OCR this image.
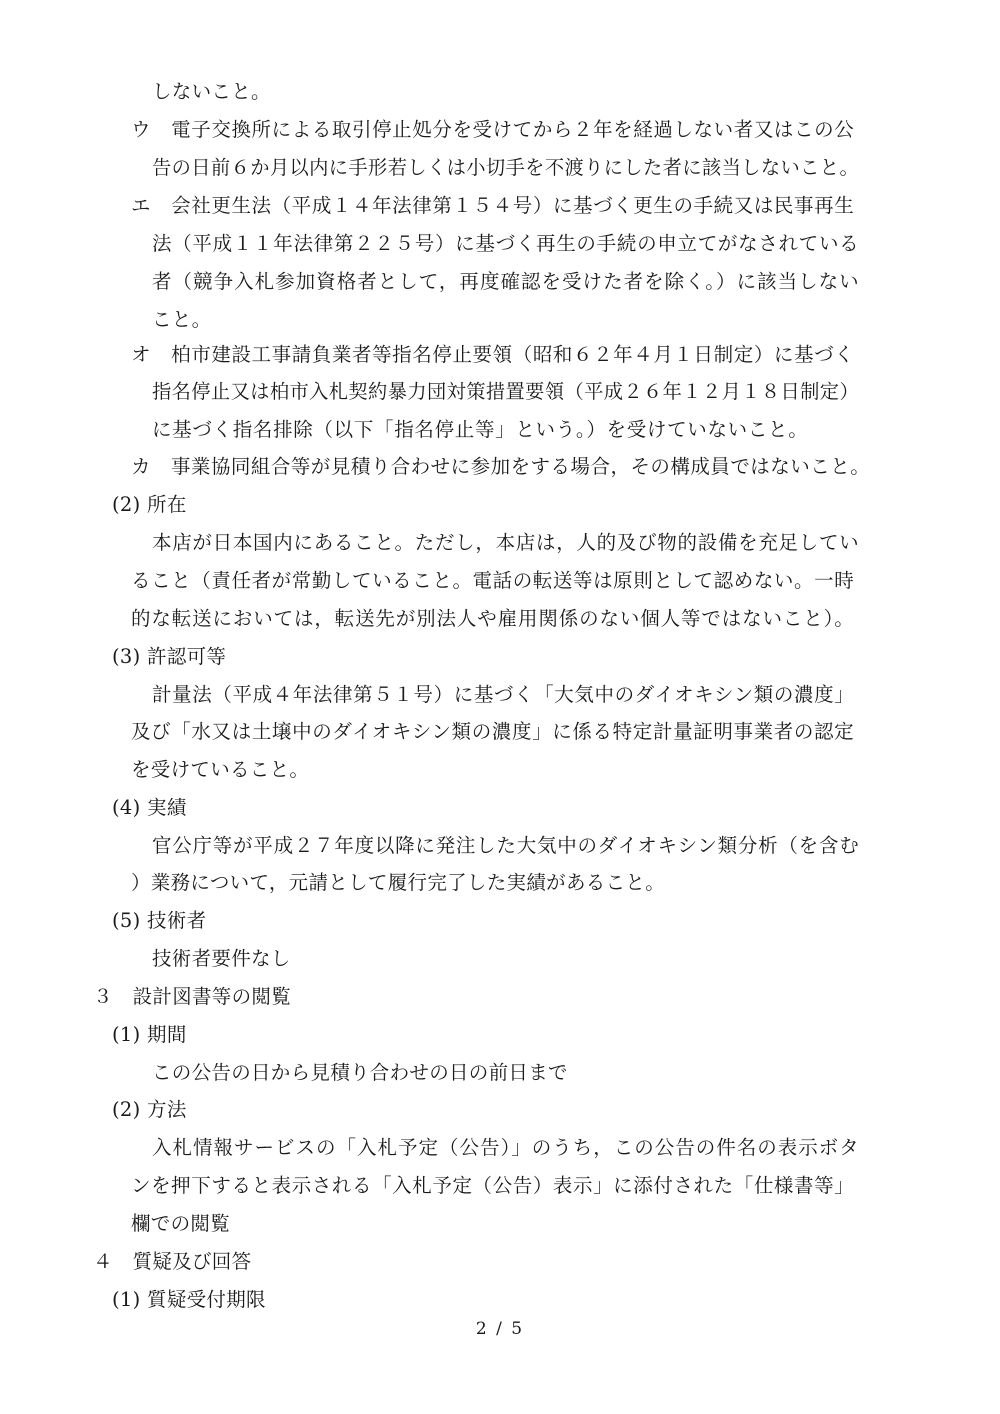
しないこと。
ウ　電子交換所による取引停止処分を受けてから２年を経過しない者又はこの公
告の日前６か月以内に手形若しくは小切手を不渡りにした者に該当しないこと。
エ　会社更生法（平成１４年法律第１５４号）に基づく更生の手続又は民事再生
法（平成１１年法律第２２５号）に基づく再生の手続の申立てがなされている
者（競争入札参加資格者として，再度確認を受けた者を除く。）に該当しない
こと。
オ　柏市建設工事請負業者等指名停止要領（昭和６２年４月１日制定）に基づく
指名停止又は柏市入札契約暴力団対策措置要領（平成２６年１２月１８日制定）
に基づく指名排除（以下「指名停止等」という。）を受けていないこと。
カ　事業協同組合等が見積り合わせに参加をする場合，その構成員ではないこと。
(2) 所在
本店が日本国内にあること。ただし，本店は，人的及び物的設備を充足してい
ること（責任者が常勤していること。電話の転送等は原則として認めない。一時
的な転送においては，転送先が別法人や雇用関係のない個人等ではないこと）。
(3) 許認可等
計量法（平成４年法律第５１号）に基づく「大気中のダイオキシン類の濃度」
及び「水又は土壌中のダイオキシン類の濃度」に係る特定計量証明事業者の認定
を受けていること。
(4) 実績
官公庁等が平成２７年度以降に発注した大気中のダイオキシン類分析（を含む
）業務について，元請として履行完了した実績があること。
(5) 技術者
技術者要件なし
３　設計図書等の閲覧
(1) 期間
この公告の日から見積り合わせの日の前日まで
(2) 方法
入札情報サービスの「入札予定（公告）」のうち，この公告の件名の表示ボタ
ンを押下すると表示される「入札予定（公告）表示」に添付された「仕様書等」
欄での閲覧
４　質疑及び回答
(1) 質疑受付期限
2 / 5
